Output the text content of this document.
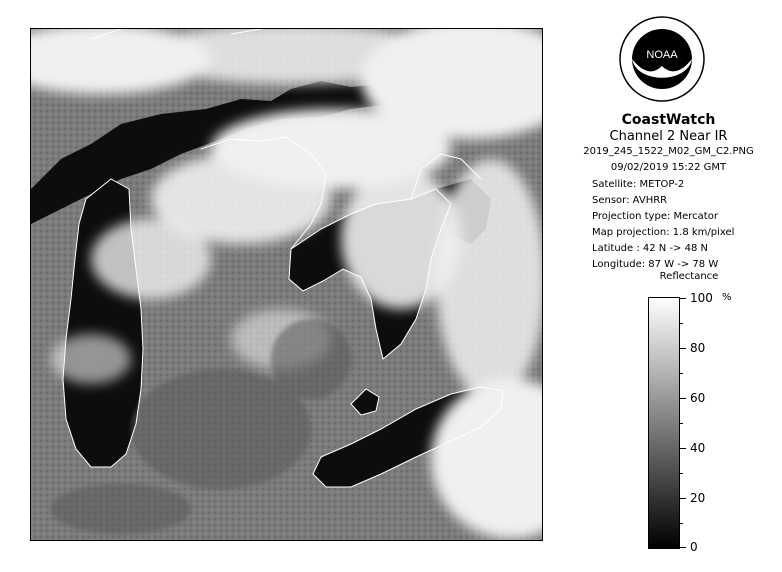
NOAA
CoastWatch
Channel 2 Near IR
2019_245_1522_M02_GM_C2.PNG
09/02/2019 15:22 GMT
Satellite: METOP-2
Sensor: AVHRR
Projection type: Mercator
Map projection: 1.8 km/pixel
Latitude : 42 N -> 48 N
Longitude: 87 W -> 78 W
Reflectance
%
100
80
60
40
20
0
